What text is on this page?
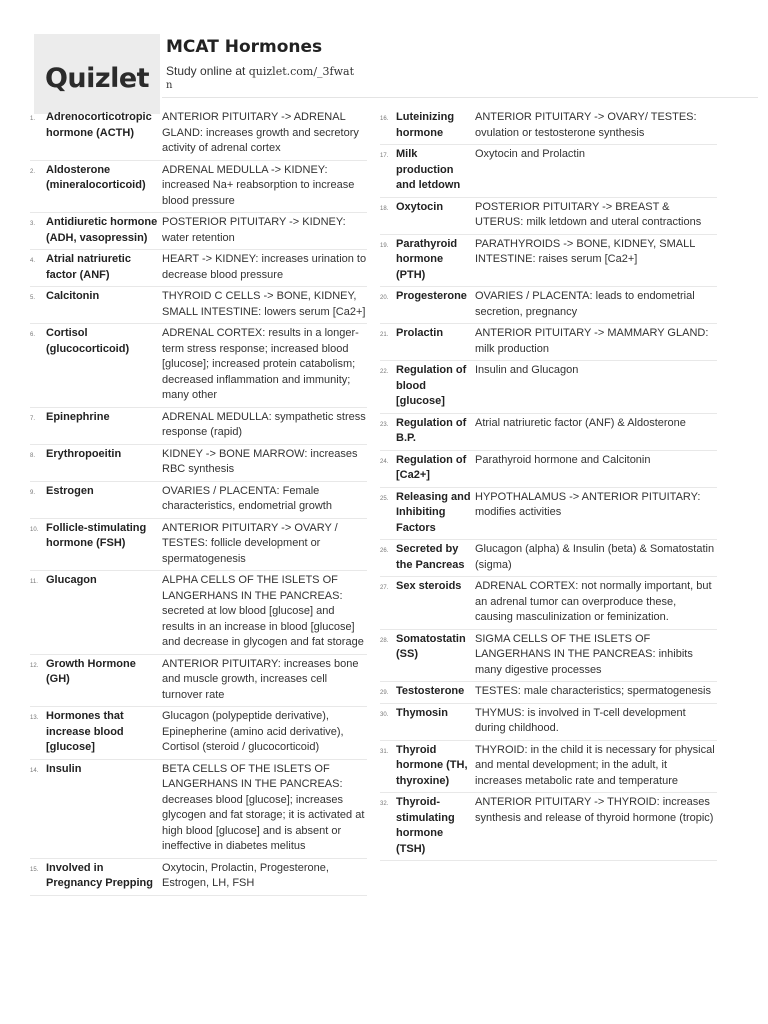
Quizlet
MCAT Hormones
Study online at quizlet.com/_3fwat
n
1. Adrenocorticotropic hormone (ACTH)
ANTERIOR PITUITARY -> ADRENAL GLAND: increases growth and secretory activity of adrenal cortex
2. Aldosterone (mineralocorticoid)
ADRENAL MEDULLA -> KIDNEY: increased Na+ reabsorption to increase blood pressure
3. Antidiuretic hormone (ADH, vasopressin)
POSTERIOR PITUITARY -> KIDNEY: water retention
4. Atrial natriuretic factor (ANF)
HEART -> KIDNEY: increases urination to decrease blood pressure
5. Calcitonin	THYROID C CELLS -> BONE, KIDNEY, SMALL INTESTINE: lowers serum [Ca2+]
6. Cortisol (glucocorticoid)
ADRENAL CORTEX: results in a longer-term stress response; increased blood [glucose]; increased protein catabolism; decreased inflammation and immunity; many other
7. Epinephrine	ADRENAL MEDULLA: sympathetic stress response (rapid)
8. Erythropoeitin	KIDNEY -> BONE MARROW: increases RBC synthesis
9. Estrogen	OVARIES / PLACENTA: Female characteristics, endometrial growth
10. Follicle-stimulating hormone (FSH)
ANTERIOR PITUITARY -> OVARY / TESTES: follicle development or spermatogenesis
11. Glucagon	ALPHA CELLS OF THE ISLETS OF LANGERHANS IN THE PANCREAS: secreted at low blood [glucose] and results in an increase in blood [glucose] and decrease in glycogen and fat storage
12. Growth Hormone (GH)
ANTERIOR PITUITARY: increases bone and muscle growth, increases cell turnover rate
13. Hormones that increase blood [glucose]
Glucagon (polypeptide derivative), Epinepherine (amino acid derivative), Cortisol (steroid / glucocorticoid)
14. Insulin	BETA CELLS OF THE ISLETS OF LANGERHANS IN THE PANCREAS: decreases blood [glucose]; increases glycogen and fat storage; it is activated at high blood [glucose] and is absent or ineffective in diabetes melitus
15. Involved in Pregnancy Prepping
Oxytocin, Prolactin, Progesterone, Estrogen, LH, FSH
16. Luteinizing hormone
ANTERIOR PITUITARY -> OVARY/ TESTES: ovulation or testosterone synthesis
17. Milk production and letdown
Oxytocin and Prolactin
18. Oxytocin	POSTERIOR PITUITARY -> BREAST & UTERUS: milk letdown and uteral contractions
19. Parathyroid hormone (PTH)
PARATHYROIDS -> BONE, KIDNEY, SMALL INTESTINE: raises serum [Ca2+]
20. Progesterone OVARIES / PLACENTA: leads to endometrial secretion, pregnancy
21. Prolactin	ANTERIOR PITUITARY -> MAMMARY GLAND: milk production
22. Regulation of blood [glucose]
Insulin and Glucagon
23. Regulation of B.P.
Atrial natriuretic factor (ANF) & Aldosterone
24. Regulation of [Ca2+]
Parathyroid hormone and Calcitonin
25. Releasing and Inhibiting Factors
HYPOTHALAMUS -> ANTERIOR PITUITARY: modifies activities
26. Secreted by the Pancreas
Glucagon (alpha) & Insulin (beta) & Somatostatin (sigma)
27. Sex steroids	ADRENAL CORTEX: not normally important, but an adrenal tumor can overproduce these, causing masculinization or feminization.
28. Somatostatin (SS)
SIGMA CELLS OF THE ISLETS OF LANGERHANS IN THE PANCREAS: inhibits many digestive processes
29. Testosterone TESTES: male characteristics; spermatogenesis
30. Thymosin	THYMUS: is involved in T-cell development during childhood.
31. Thyroid hormone (TH, thyroxine)
THYROID: in the child it is necessary for physical and mental development; in the adult, it increases metabolic rate and temperature
32. Thyroid-stimulating hormone (TSH)
ANTERIOR PITUITARY -> THYROID: increases synthesis and release of thyroid hormone (tropic)
